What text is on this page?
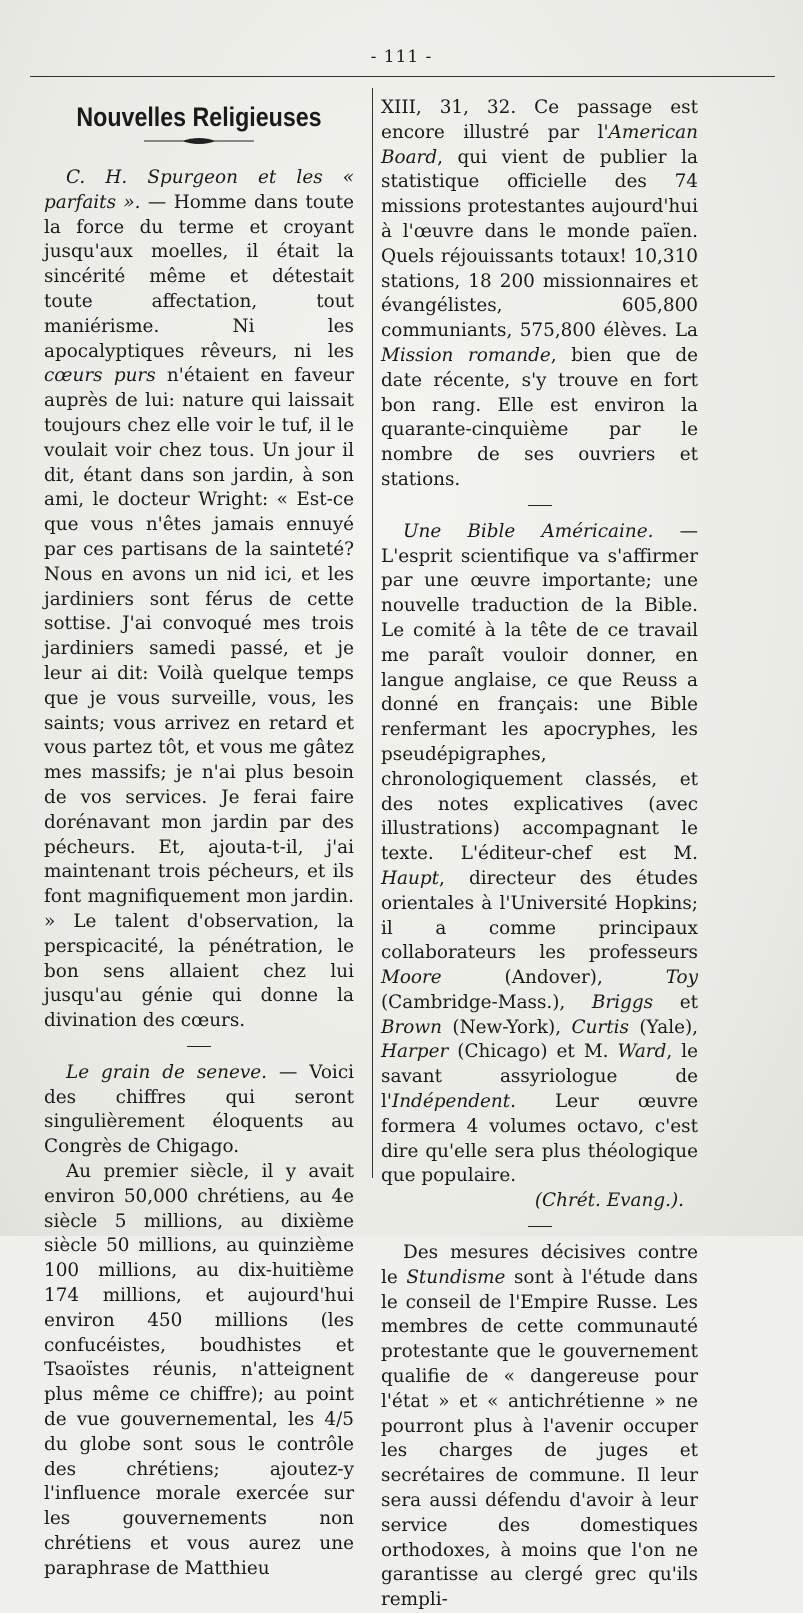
- 111 -
Nouvelles Religieuses

C. H. Spurgeon et les « parfaits ». — Homme dans toute la force du terme et croyant jusqu'aux moelles, il était la sincérité même et détestait toute affectation, tout maniérisme. Ni les apocalyptiques rêveurs, ni les cœurs purs n'étaient en faveur auprès de lui: nature qui laissait toujours chez elle voir le tuf, il le voulait voir chez tous. Un jour il dit, étant dans son jardin, à son ami, le docteur Wright: « Est-ce que vous n'êtes jamais ennuyé par ces partisans de la sainteté? Nous en avons un nid ici, et les jardiniers sont férus de cette sottise. J'ai convoqué mes trois jardiniers samedi passé, et je leur ai dit: Voilà quelque temps que je vous surveille, vous, les saints; vous arrivez en retard et vous partez tôt, et vous me gâtez mes massifs; je n'ai plus besoin de vos services. Je ferai faire dorénavant mon jardin par des pécheurs. Et, ajouta-t-il, j'ai maintenant trois pécheurs, et ils font magnifiquement mon jardin. » Le talent d'observation, la perspicacité, la pénétration, le bon sens allaient chez lui jusqu'au génie qui donne la divination des cœurs.

Le grain de seneve. — Voici des chiffres qui seront singulièrement éloquents au Congrès de Chigago.

Au premier siècle, il y avait environ 50,000 chrétiens, au 4e siècle 5 millions, au dixième siècle 50 millions, au quinzième 100 millions, au dix-huitième 174 millions, et aujourd'hui environ 450 millions (les confucéistes, boudhistes et Tsaoïstes réunis, n'atteignent plus même ce chiffre); au point de vue gouvernemental, les 4/5 du globe sont sous le contrôle des chrétiens; ajoutez-y l'influence morale exercée sur les gouvernements non chrétiens et vous aurez une paraphrase de Matthieu

XIII, 31, 32. Ce passage est encore illustré par l'American Board, qui vient de publier la statistique officielle des 74 missions protestantes aujourd'hui à l'œuvre dans le monde païen. Quels réjouissants totaux! 10,310 stations, 18 200 missionnaires et évangélistes, 605,800 communiants, 575,800 élèves. La Mission romande, bien que de date récente, s'y trouve en fort bon rang. Elle est environ la quarante-cinquième par le nombre de ses ouvriers et stations.

Une Bible Américaine. — L'esprit scientifique va s'affirmer par une œuvre importante; une nouvelle traduction de la Bible. Le comité à la tête de ce travail me paraît vouloir donner, en langue anglaise, ce que Reuss a donné en français: une Bible renfermant les apocryphes, les pseudépigraphes, chronologiquement classés, et des notes explicatives (avec illustrations) accompagnant le texte. L'éditeur-chef est M. Haupt, directeur des études orientales à l'Université Hopkins; il a comme principaux collaborateurs les professeurs Moore (Andover), Toy (Cambridge-Mass.), Briggs et Brown (New-York), Curtis (Yale), Harper (Chicago) et M. Ward, le savant assyriologue de l'Indépendent. Leur œuvre formera 4 volumes octavo, c'est dire qu'elle sera plus théologique que populaire.

(Chrét. Evang.).

Des mesures décisives contre le Stundisme sont à l'étude dans le conseil de l'Empire Russe. Les membres de cette communauté protestante que le gouvernement qualifie de « dangereuse pour l'état » et « antichrétienne » ne pourront plus à l'avenir occuper les charges de juges et secrétaires de commune. Il leur sera aussi défendu d'avoir à leur service des domestiques orthodoxes, à moins que l'on ne garantisse au clergé grec qu'ils rempli-
